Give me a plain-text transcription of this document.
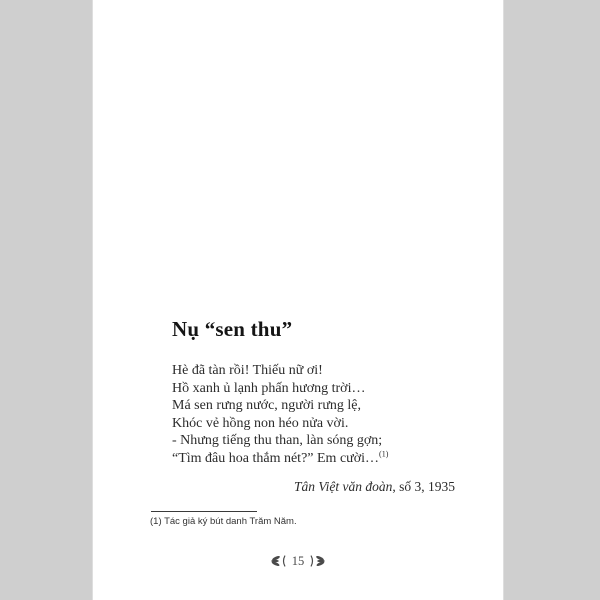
Nụ “sen thu”
Hè đã tàn rồi! Thiếu nữ ơi!
Hồ xanh ủ lạnh phấn hương trời…
Má sen rưng nước, người rưng lệ,
Khóc vẻ hồng non héo nửa vời.
- Nhưng tiếng thu than, làn sóng gợn;
“Tìm đâu hoa thắm nét?” Em cười…$^{(1)}$
Tân Việt văn đoàn, số 3, 1935
(1) Tác giả ký bút danh Trăm Năm.
15
